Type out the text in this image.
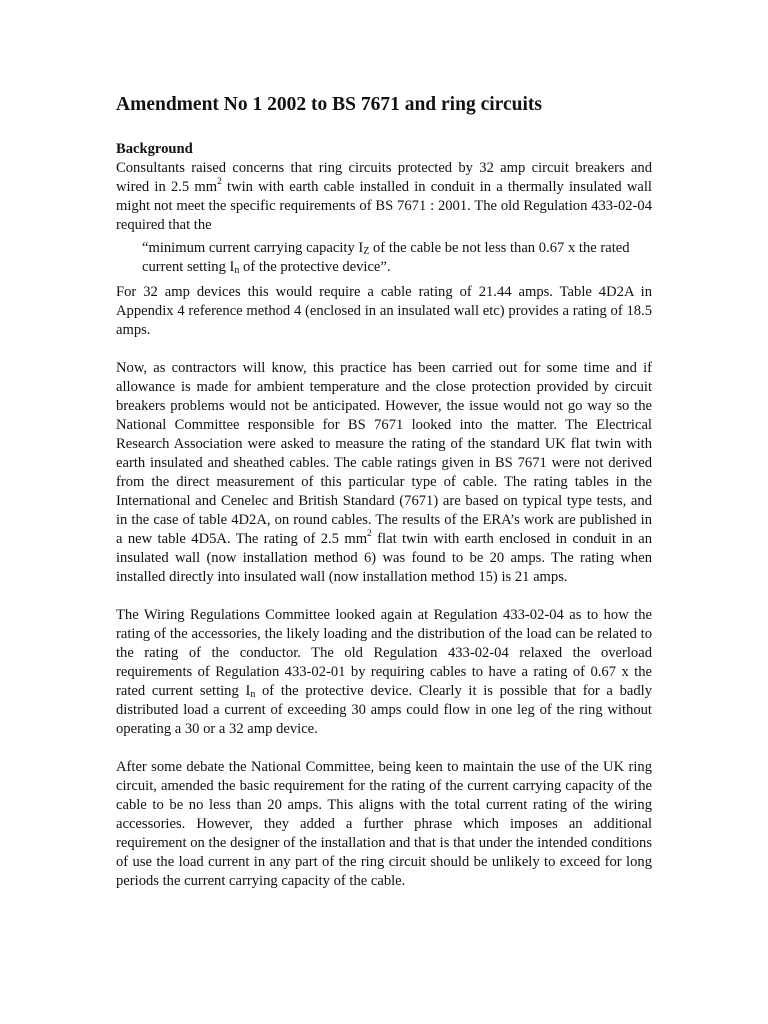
Amendment No 1 2002 to BS 7671 and ring circuits
Background

Consultants raised concerns that ring circuits protected by 32 amp circuit breakers and wired in 2.5 $mm^2$ twin with earth cable installed in conduit in a thermally insulated wall might not meet the specific requirements of BS 7671 : 2001. The old Regulation 433-02-04 required that the

“minimum current carrying capacity $I_Z$ of the cable be not less than 0.67 x the rated current setting $I_n$ of the protective device”.

For 32 amp devices this would require a cable rating of 21.44 amps. Table 4D2A in Appendix 4 reference method 4 (enclosed in an insulated wall etc) provides a rating of 18.5 amps.

Now, as contractors will know, this practice has been carried out for some time and if allowance is made for ambient temperature and the close protection provided by circuit breakers problems would not be anticipated. However, the issue would not go way so the National Committee responsible for BS 7671 looked into the matter. The Electrical Research Association were asked to measure the rating of the standard UK flat twin with earth insulated and sheathed cables. The cable ratings given in BS 7671 were not derived from the direct measurement of this particular type of cable. The rating tables in the International and Cenelec and British Standard (7671) are based on typical type tests, and in the case of table 4D2A, on round cables. The results of the ERA’s work are published in a new table 4D5A. The rating of 2.5 $mm^2$ flat twin with earth enclosed in conduit in an insulated wall (now installation method 6) was found to be 20 amps. The rating when installed directly into insulated wall (now installation method 15) is 21 amps.

The Wiring Regulations Committee looked again at Regulation 433-02-04 as to how the rating of the accessories, the likely loading and the distribution of the load can be related to the rating of the conductor. The old Regulation 433-02-04 relaxed the overload requirements of Regulation 433-02-01 by requiring cables to have a rating of 0.67 x the rated current setting $I_n$ of the protective device. Clearly it is possible that for a badly distributed load a current of exceeding 30 amps could flow in one leg of the ring without operating a 30 or a 32 amp device.

After some debate the National Committee, being keen to maintain the use of the UK ring circuit, amended the basic requirement for the rating of the current carrying capacity of the cable to be no less than 20 amps. This aligns with the total current rating of the wiring accessories. However, they added a further phrase which imposes an additional requirement on the designer of the installation and that is that under the intended conditions of use the load current in any part of the ring circuit should be unlikely to exceed for long periods the current carrying capacity of the cable.
